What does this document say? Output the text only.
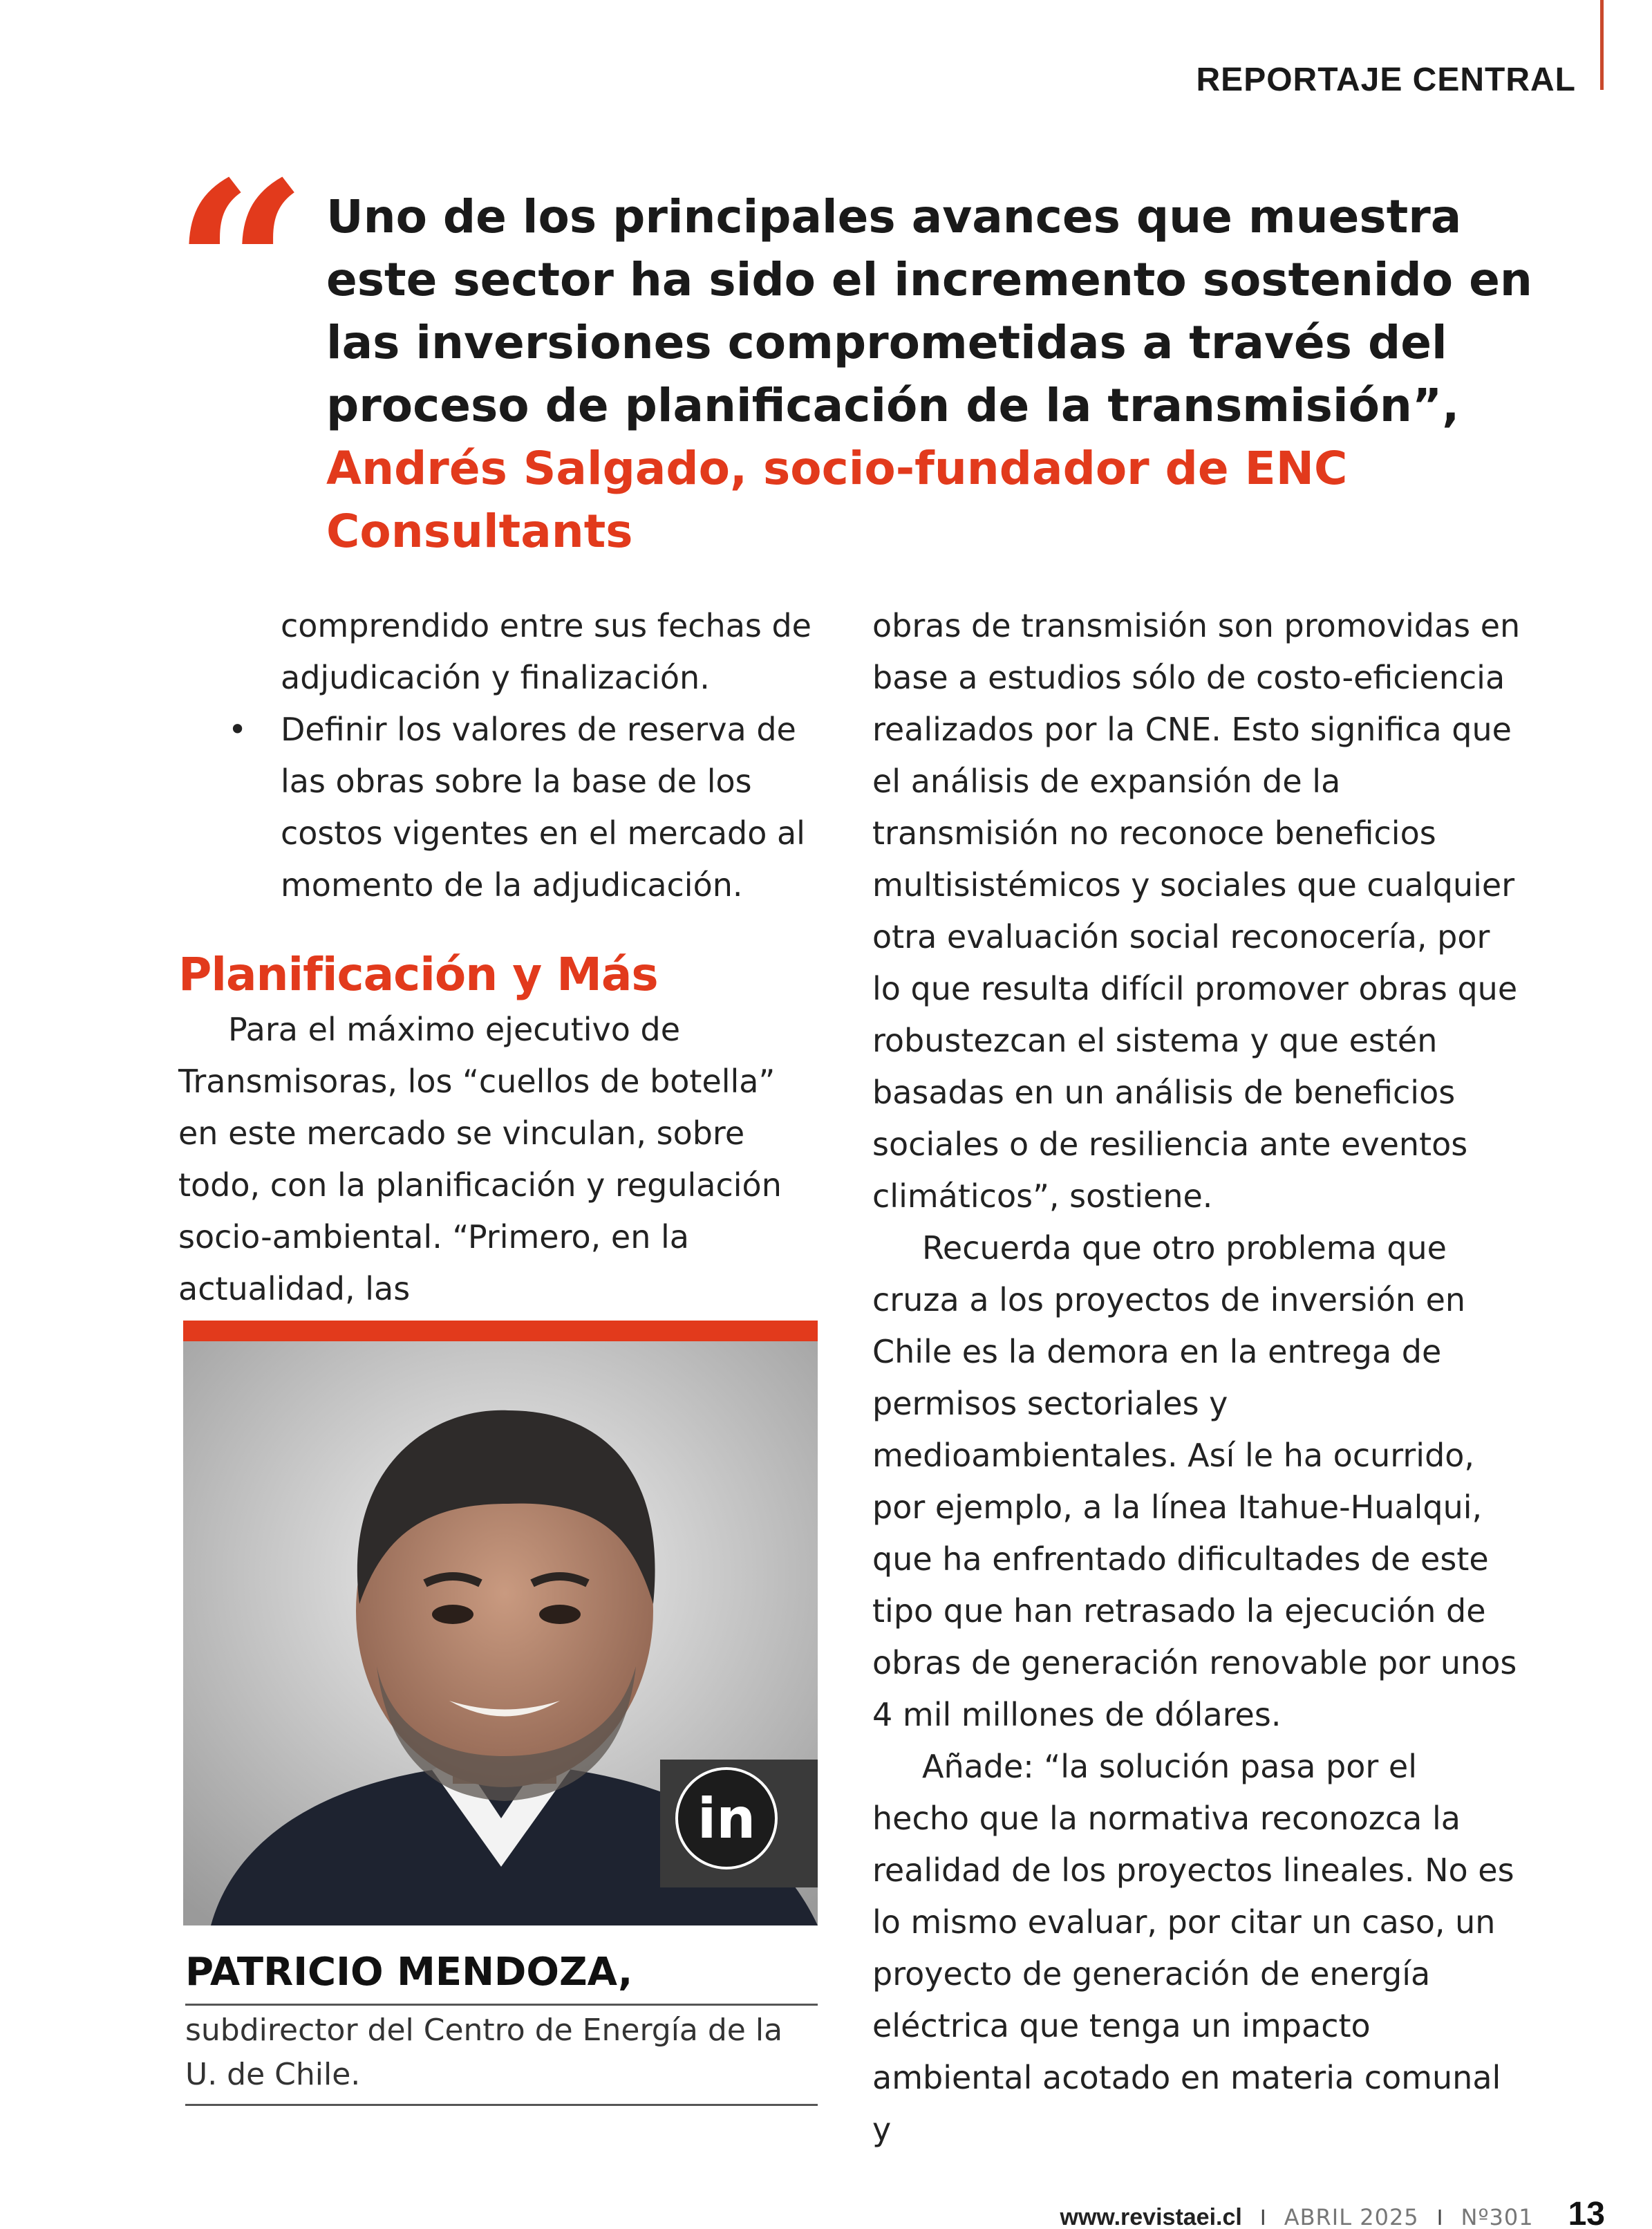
REPORTAJE CENTRAL
“ Uno de los principales avances que muestra este sector ha sido el incremento sostenido en las inversiones comprometidas a través del proceso de planificación de la transmisión”, Andrés Salgado, socio-fundador de ENC Consultants

comprendido entre sus fechas de adjudicación y finalización.

• Definir los valores de reserva de las obras sobre la base de los costos vigentes en el mercado al momento de la adjudicación.

Planificación y Más

Para el máximo ejecutivo de Transmisoras, los “cuellos de botella” en este mercado se vinculan, sobre todo, con la planificación y regulación socio-ambiental. “Primero, en la actualidad, las

in
PATRICIO MENDOZA,
subdirector del Centro de Energía de la U. de Chile.

obras de transmisión son promovidas en base a estudios sólo de costo-eficiencia realizados por la CNE. Esto significa que el análisis de expansión de la transmisión no reconoce beneficios multisistémicos y sociales que cualquier otra evaluación social reconocería, por lo que resulta difícil promover obras que robustezcan el sistema y que estén basadas en un análisis de beneficios sociales o de resiliencia ante eventos climáticos”, sostiene.

Recuerda que otro problema que cruza a los proyectos de inversión en Chile es la demora en la entrega de permisos sectoriales y medioambientales. Así le ha ocurrido, por ejemplo, a la línea Itahue-Hualqui, que ha enfrentado dificultades de este tipo que han retrasado la ejecución de obras de generación renovable por unos 4 mil millones de dólares.

Añade: “la solución pasa por el hecho que la normativa reconozca la realidad de los proyectos lineales. No es lo mismo evaluar, por citar un caso, un proyecto de generación de energía eléctrica que tenga un impacto ambiental acotado en materia comunal y

www.revistaei.cl I ABRIL 2025 I Nº301 13
